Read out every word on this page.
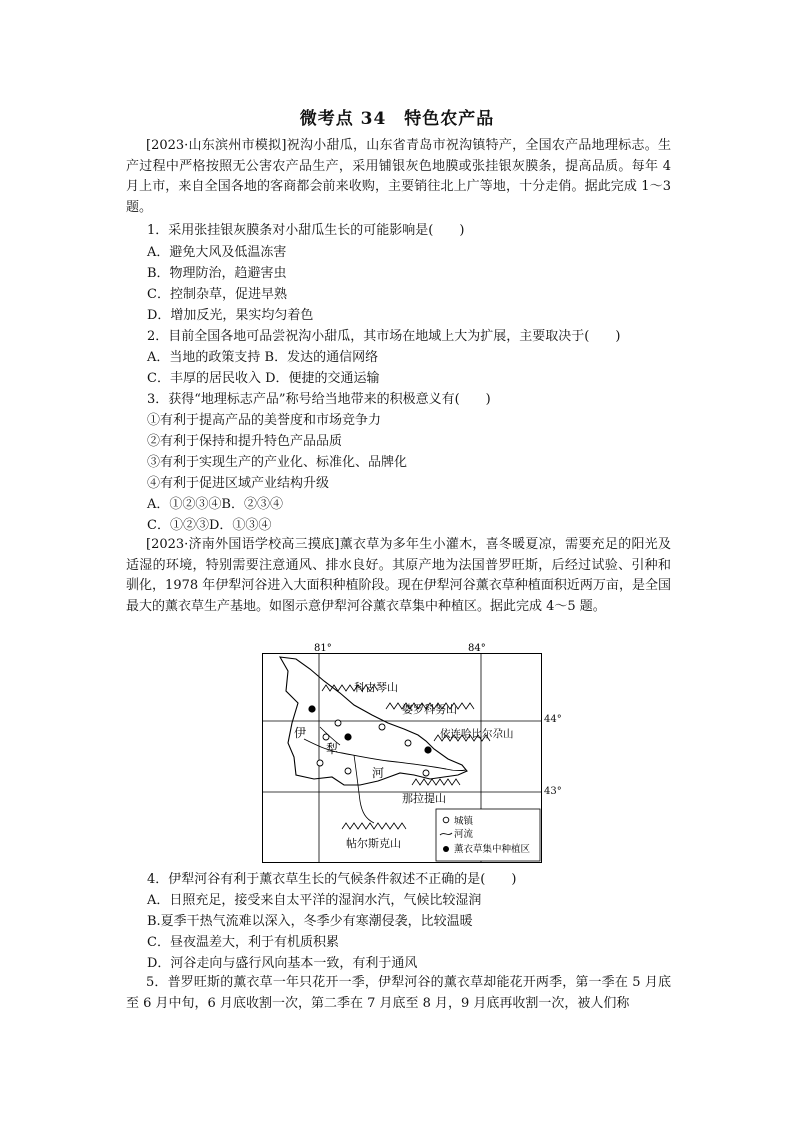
微考点 34　特色农产品
[2023·山东滨州市模拟]祝沟小甜瓜，山东省青岛市祝沟镇特产，全国农产品地理标志。生产过程中严格按照无公害农产品生产，采用铺银灰色地膜或张挂银灰膜条，提高品质。每年 4 月上市，来自全国各地的客商都会前来收购，主要销往北上广等地，十分走俏。据此完成 1～3 题。
1．采用张挂银灰膜条对小甜瓜生长的可能影响是(　　)
A．避免大风及低温冻害
B．物理防治，趋避害虫
C．控制杂草，促进早熟
D．增加反光，果实均匀着色
2．目前全国各地可品尝祝沟小甜瓜，其市场在地域上大为扩展，主要取决于(　　)
A．当地的政策支持 B．发达的通信网络
C．丰厚的居民收入 D．便捷的交通运输
3．获得“地理标志产品”称号给当地带来的积极意义有(　　)
①有利于提高产品的美誉度和市场竞争力
②有利于保持和提升特色产品品质
③有利于实现生产的产业化、标准化、品牌化
④有利于促进区域产业结构升级
A．①②③④B．②③④
C．①②③D．①③④
[2023·济南外国语学校高三摸底]薰衣草为多年生小灌木，喜冬暖夏凉，需要充足的阳光及适湿的环境，特别需要注意通风、排水良好。其原产地为法国普罗旺斯，后经过试验、引种和驯化，1978 年伊犁河谷进入大面积种植阶段。现在伊犁河谷薰衣草种植面积近两万亩，是全国最大的薰衣草生产基地。如图示意伊犁河谷薰衣草集中种植区。据此完成 4～5 题。
81°	84°
科古琴山
婆罗科努山
依连哈比尔尕山
那拉提山
帖尔斯克山
伊
犁
河
城镇
河流
薰衣草集中种植区
44°
43°
4．伊犁河谷有利于薰衣草生长的气候条件叙述不正确的是(　　)
A．日照充足，接受来自太平洋的湿润水汽，气候比较湿润
B.夏季干热气流难以深入，冬季少有寒潮侵袭，比较温暖
C．昼夜温差大，利于有机质积累
D．河谷走向与盛行风向基本一致，有利于通风
5．普罗旺斯的薰衣草一年只花开一季，伊犁河谷的薰衣草却能花开两季，第一季在 5 月底至 6 月中旬，6 月底收割一次，第二季在 7 月底至 8 月，9 月底再收割一次，被人们称
